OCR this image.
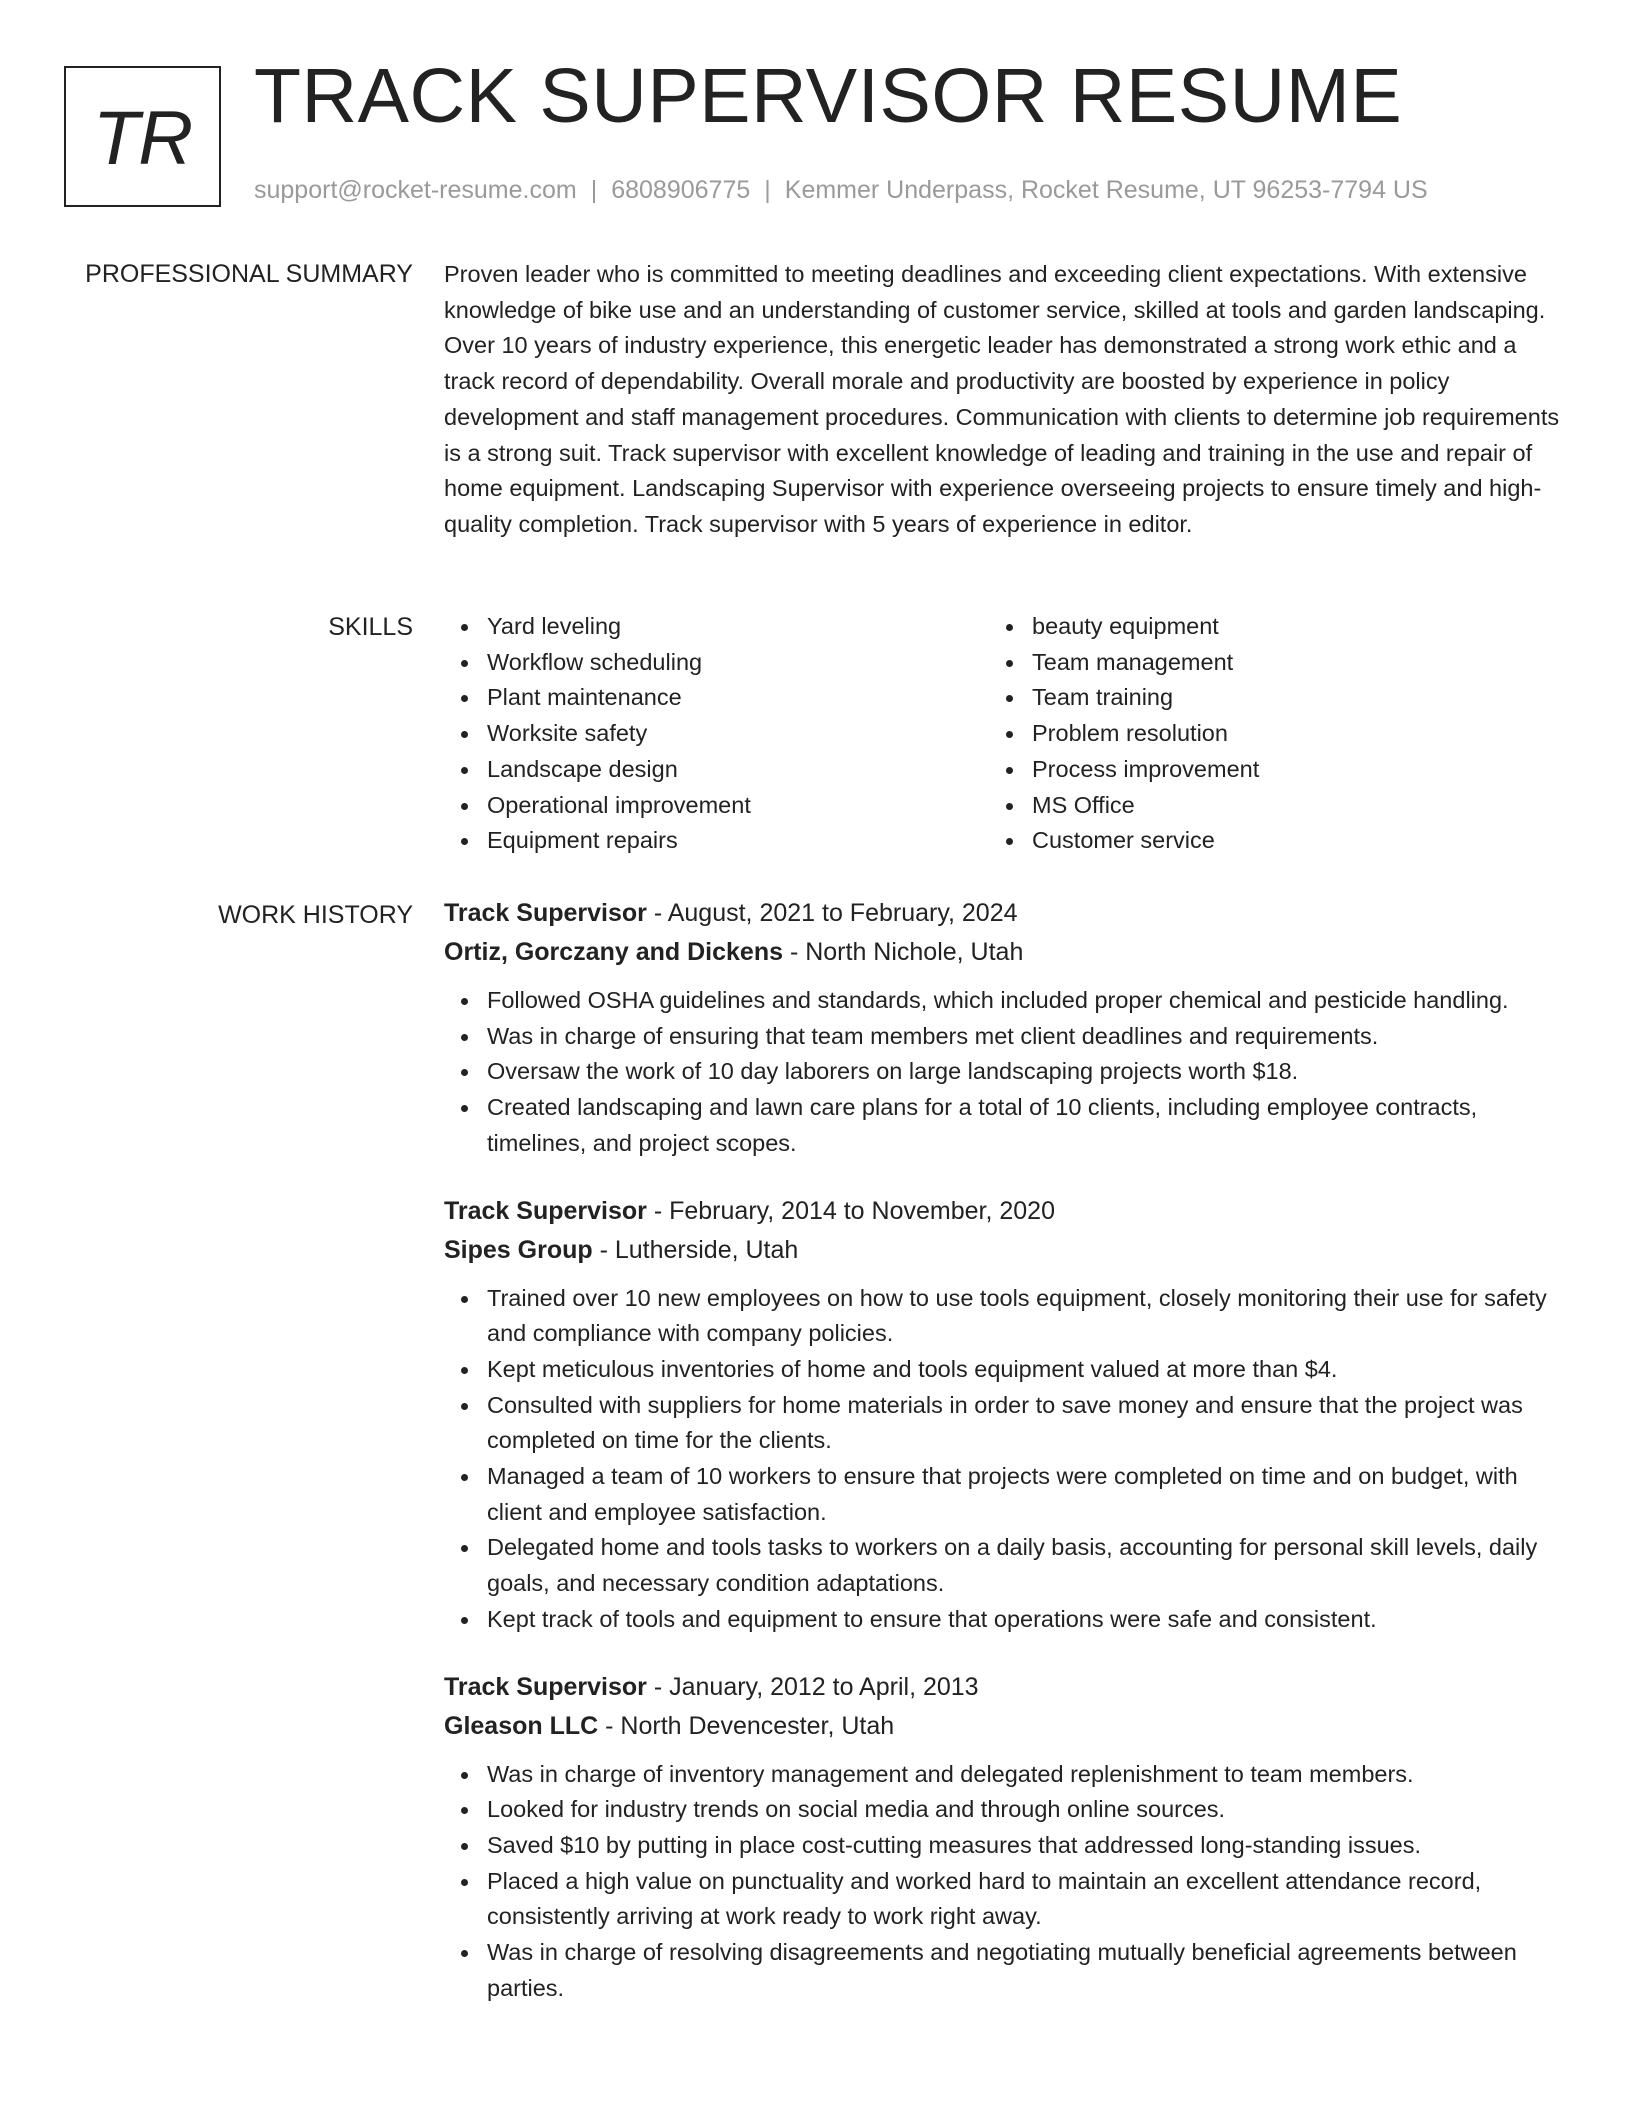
TR TRACK SUPERVISOR RESUME
support@rocket-resume.com | 6808906775 | Kemmer Underpass, Rocket Resume, UT 96253-7794 US
PROFESSIONAL SUMMARY Proven leader who is committed to meeting deadlines and exceeding client expectations. With extensive knowledge of bike use and an understanding of customer service, skilled at tools and garden landscaping. Over 10 years of industry experience, this energetic leader has demonstrated a strong work ethic and a track record of dependability. Overall morale and productivity are boosted by experience in policy development and staff management procedures. Communication with clients to determine job requirements is a strong suit. Track supervisor with excellent knowledge of leading and training in the use and repair of home equipment. Landscaping Supervisor with experience overseeing projects to ensure timely and high-quality completion. Track supervisor with 5 years of experience in editor.

SKILLS	Yard leveling
Workflow scheduling
Plant maintenance
Worksite safety
Landscape design
Operational improvement
Equipment repairs
beauty equipment
Team management
Team training
Problem resolution
Process improvement
MS Office
Customer service
WORK HISTORY Track Supervisor - August, 2021 to February, 2024
Ortiz, Gorczany and Dickens - North Nichole, Utah
Followed OSHA guidelines and standards, which included proper chemical and pesticide handling.
Was in charge of ensuring that team members met client deadlines and requirements.
Oversaw the work of 10 day laborers on large landscaping projects worth $18.
Created landscaping and lawn care plans for a total of 10 clients, including employee contracts, timelines, and project scopes.
Track Supervisor - February, 2014 to November, 2020
Sipes Group - Lutherside, Utah
Trained over 10 new employees on how to use tools equipment, closely monitoring their use for safety and compliance with company policies.
Kept meticulous inventories of home and tools equipment valued at more than $4.
Consulted with suppliers for home materials in order to save money and ensure that the project was completed on time for the clients.
Managed a team of 10 workers to ensure that projects were completed on time and on budget, with client and employee satisfaction.
Delegated home and tools tasks to workers on a daily basis, accounting for personal skill levels, daily goals, and necessary condition adaptations.
Kept track of tools and equipment to ensure that operations were safe and consistent.
Track Supervisor - January, 2012 to April, 2013
Gleason LLC - North Devencester, Utah
Was in charge of inventory management and delegated replenishment to team members.
Looked for industry trends on social media and through online sources.
Saved $10 by putting in place cost-cutting measures that addressed long-standing issues.
Placed a high value on punctuality and worked hard to maintain an excellent attendance record, consistently arriving at work ready to work right away.
Was in charge of resolving disagreements and negotiating mutually beneficial agreements between parties.
